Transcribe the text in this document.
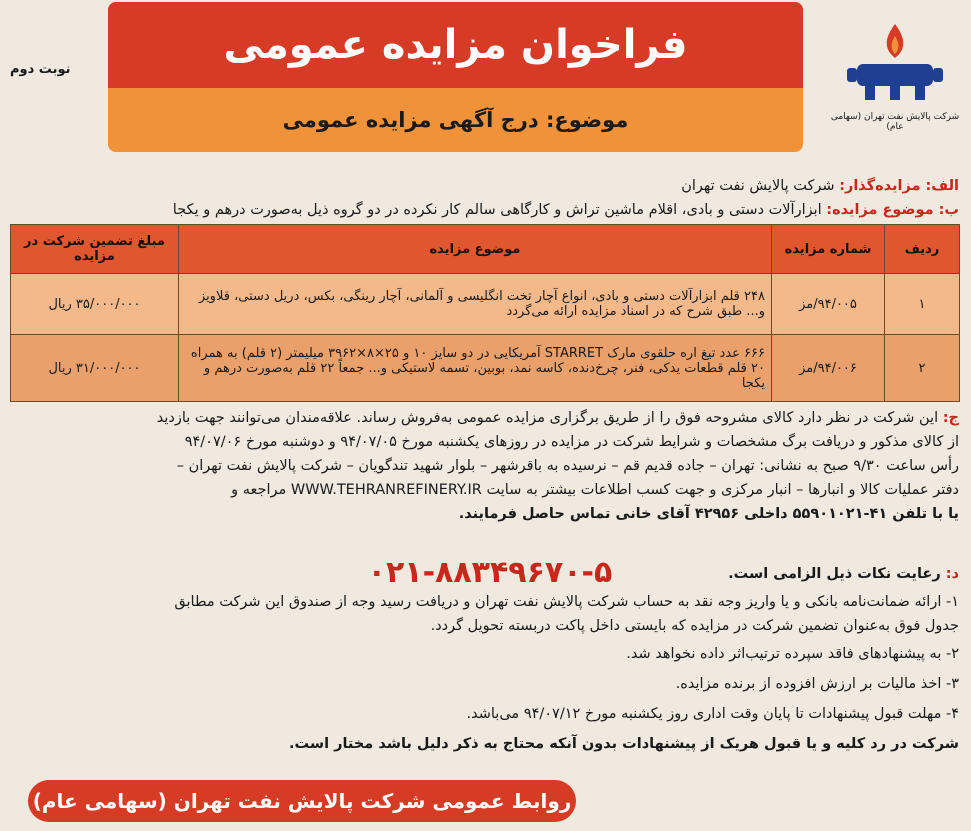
فراخوان مزایده عمومی
موضوع: درج آگهی مزایده عمومی
نوبت دوم
شرکت پالایش نفت تهران (سهامی عام)
الف: مزایده‌گذار: شرکت پالایش نفت تهران
ب: موضوع مزایده: ابزارآلات دستی و بادی، اقلام ماشین تراش و کارگاهی سالم کار نکرده در دو گروه ذیل به‌صورت درهم و یکجا
ردیف	شماره مزایده	موضوع مزایده	مبلغ تضمین شرکت در مزایده
۱	۹۴/۰۰۵/مز	۲۴۸ قلم ابزارآلات دستی و بادی، انواع آچار تخت انگلیسی و آلمانی، آچار رینگی، بکس، دریل دستی، قلاویز و... طبق شرح که در اسناد مزایده ارائه می‌گردد	۳۵/۰۰۰/۰۰۰ ریال
۲	۹۴/۰۰۶/مز	۶۶۶ عدد تیغ اره حلقوی مارک STARRET آمریکایی در دو سایز ۱۰ و ۲۵×۸×۳۹۶۲ میلیمتر (۲ قلم) به همراه ۲۰ قلم قطعات یدکی، فنر، چرخ‌دنده، کاسه نمد، بوبین، تسمه لاستیکی و... جمعاً ۲۲ قلم به‌صورت درهم و یکجا	۳۱/۰۰۰/۰۰۰ ریال
ج: این شرکت در نظر دارد کالای مشروحه فوق را از طریق برگزاری مزایده عمومی به‌فروش رساند. علاقه‌مندان می‌توانند جهت بازدید
از کالای مذکور و دریافت برگ مشخصات و شرایط شرکت در مزایده در روزهای یکشنبه مورخ ۹۴/۰۷/۰۵ و دوشنبه مورخ ۹۴/۰۷/۰۶
رأس ساعت ۹/۳۰ صبح به نشانی: تهران – جاده قدیم قم – نرسیده به باقرشهر – بلوار شهید تندگویان – شرکت پالایش نفت تهران –
دفتر عملیات کالا و انبارها – انبار مرکزی و جهت کسب اطلاعات بیشتر به سایت WWW.TEHRANREFINERY.IR مراجعه و
یا با تلفن ۴۱-۵۵۹۰۱۰۲۱ داخلی ۴۲۹۵۶ آقای خانی تماس حاصل فرمایند.
۰۲۱-۸۸۳۴۹۶۷۰-۵	د: رعایت نکات ذیل الزامی است.
۱- ارائه ضمانت‌نامه بانکی و یا واریز وجه نقد به حساب شرکت پالایش نفت تهران و دریافت رسید وجه از صندوق این شرکت مطابق
جدول فوق به‌عنوان تضمین شرکت در مزایده که بایستی داخل پاکت دربسته تحویل گردد.
۲- به پیشنهادهای فاقد سپرده ترتیب‌اثر داده نخواهد شد.
۳- اخذ مالیات بر ارزش افزوده از برنده مزایده.
۴- مهلت قبول پیشنهادات تا پایان وقت اداری روز یکشنبه مورخ ۹۴/۰۷/۱۲ می‌باشد.
شرکت در رد کلیه و یا قبول هریک از پیشنهادات بدون آنکه محتاج به ذکر دلیل باشد مختار است.
روابط عمومی شرکت پالایش نفت تهران (سهامی عام)
